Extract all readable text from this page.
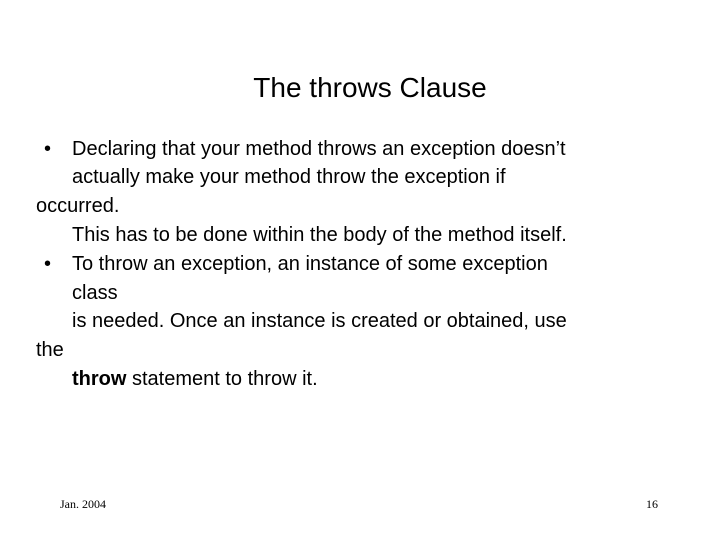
The throws Clause
• Declaring that your method throws an exception doesn’t
actually make your method throw the exception if
occurred.
This has to be done within the body of the method itself.
• To throw an exception, an instance of some exception
class
is needed. Once an instance is created or obtained, use
the
throw statement to throw it.
Jan. 2004	16
